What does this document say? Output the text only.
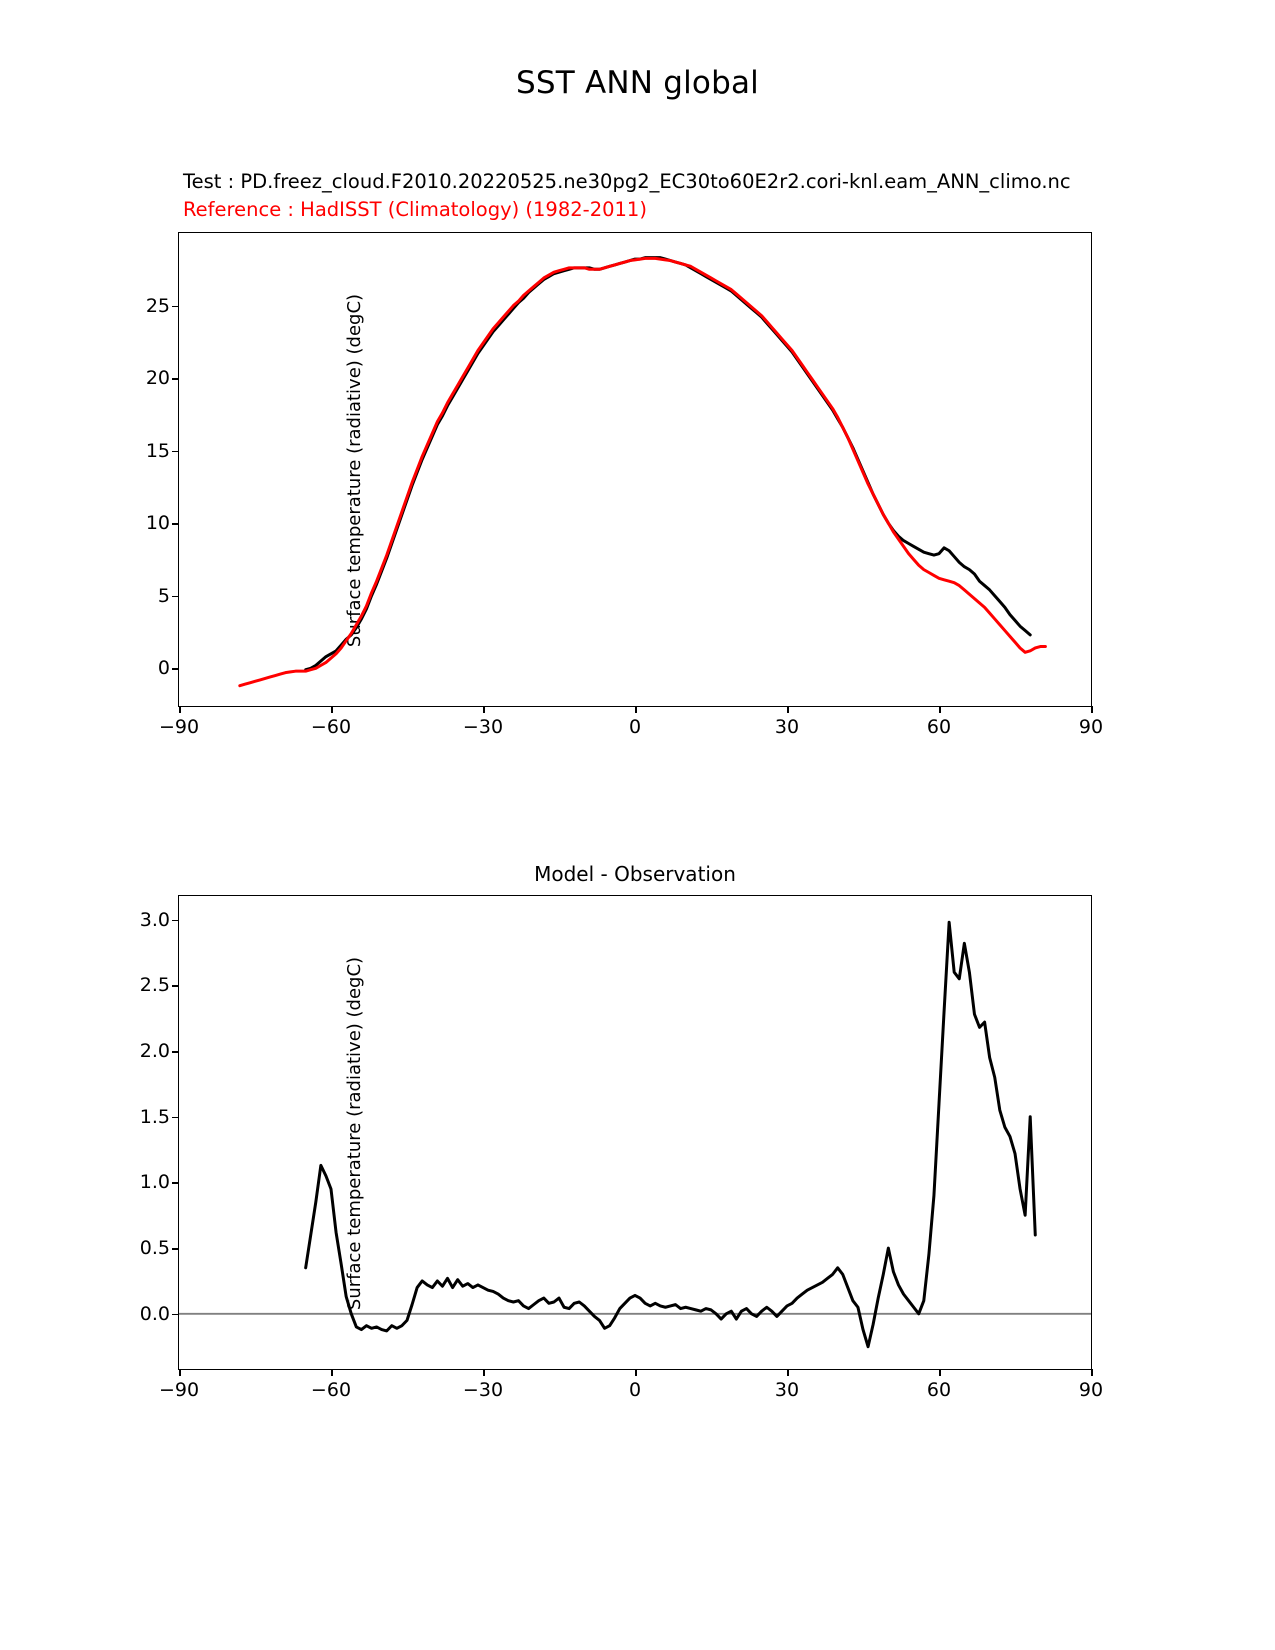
SST ANN global
Test : PD.freez_cloud.F2010.20220525.ne30pg2_EC30to60E2r2.cori-knl.eam_ANN_climo.nc
Reference : HadISST (Climatology) (1982-2011)
Surface temperature (radiative) (degC)
−90	−60	−30	0	30	60	90
0
5
10
15
20
25
Model - Observation
Surface temperature (radiative) (degC)
−90	−60	−30	0	30	60	90
0.0
0.5
1.0
1.5
2.0
2.5
3.0
